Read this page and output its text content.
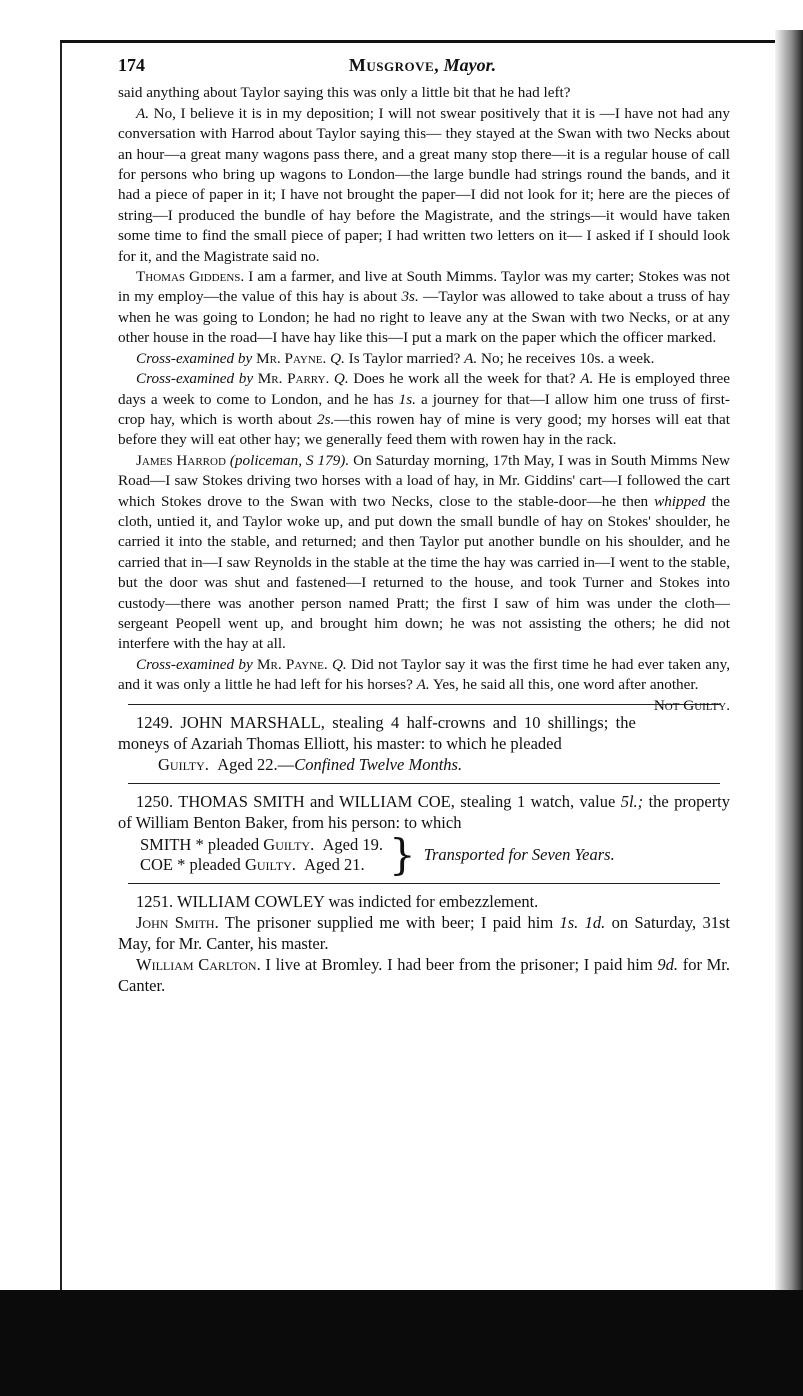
174	Musgrove, Mayor.

said anything about Taylor saying this was only a little bit that he had left?

A. No, I believe it is in my deposition; I will not swear positively that it is —I have not had any conversation with Harrod about Taylor saying this— they stayed at the Swan with two Necks about an hour—a great many wagons pass there, and a great many stop there—it is a regular house of call for persons who bring up wagons to London—the large bundle had strings round the bands, and it had a piece of paper in it; I have not brought the paper—I did not look for it; here are the pieces of string—I produced the bundle of hay before the Magistrate, and the strings—it would have taken some time to find the small piece of paper; I had written two letters on it— I asked if I should look for it, and the Magistrate said no.

Thomas Giddens. I am a farmer, and live at South Mimms. Taylor was my carter; Stokes was not in my employ—the value of this hay is about 3s. —Taylor was allowed to take about a truss of hay when he was going to London; he had no right to leave any at the Swan with two Necks, or at any other house in the road—I have hay like this—I put a mark on the paper which the officer marked.

Cross-examined by Mr. Payne. Q. Is Taylor married? A. No; he receives 10s. a week.

Cross-examined by Mr. Parry. Q. Does he work all the week for that? A. He is employed three days a week to come to London, and he has 1s. a journey for that—I allow him one truss of first-crop hay, which is worth about 2s.—this rowen hay of mine is very good; my horses will eat that before they will eat other hay; we generally feed them with rowen hay in the rack.

James Harrod (policeman, S 179). On Saturday morning, 17th May, I was in South Mimms New Road—I saw Stokes driving two horses with a load of hay, in Mr. Giddins' cart—I followed the cart which Stokes drove to the Swan with two Necks, close to the stable-door—he then whipped the cloth, untied it, and Taylor woke up, and put down the small bundle of hay on Stokes' shoulder, he carried it into the stable, and returned; and then Taylor put another bundle on his shoulder, and he carried that in—I saw Reynolds in the stable at the time the hay was carried in—I went to the stable, but the door was shut and fastened—I returned to the house, and took Turner and Stokes into custody—there was another person named Pratt; the first I saw of him was under the cloth—sergeant Peopell went up, and brought him down; he was not assisting the others; he did not interfere with the hay at all.

Cross-examined by Mr. Payne. Q. Did not Taylor say it was the first time he had ever taken any, and it was only a little he had left for his horses? A. Yes, he said all this, one word after another.
Not Guilty.

1249. JOHN MARSHALL, stealing 4 half-crowns and 10 shillings; the moneys of Azariah Thomas Elliott, his master: to which he pleaded

Guilty. Aged 22.—Confined Twelve Months.

1250. THOMAS SMITH and WILLIAM COE, stealing 1 watch, value 5l.; the property of William Benton Baker, from his person: to which

SMITH * pleaded Guilty. Aged 19.
COE * pleaded Guilty. Aged 21. } Transported for Seven Years.

1251. WILLIAM COWLEY was indicted for embezzlement.

John Smith. The prisoner supplied me with beer; I paid him 1s. 1d. on Saturday, 31st May, for Mr. Canter, his master.

William Carlton. I live at Bromley. I had beer from the prisoner; I paid him 9d. for Mr. Canter.
